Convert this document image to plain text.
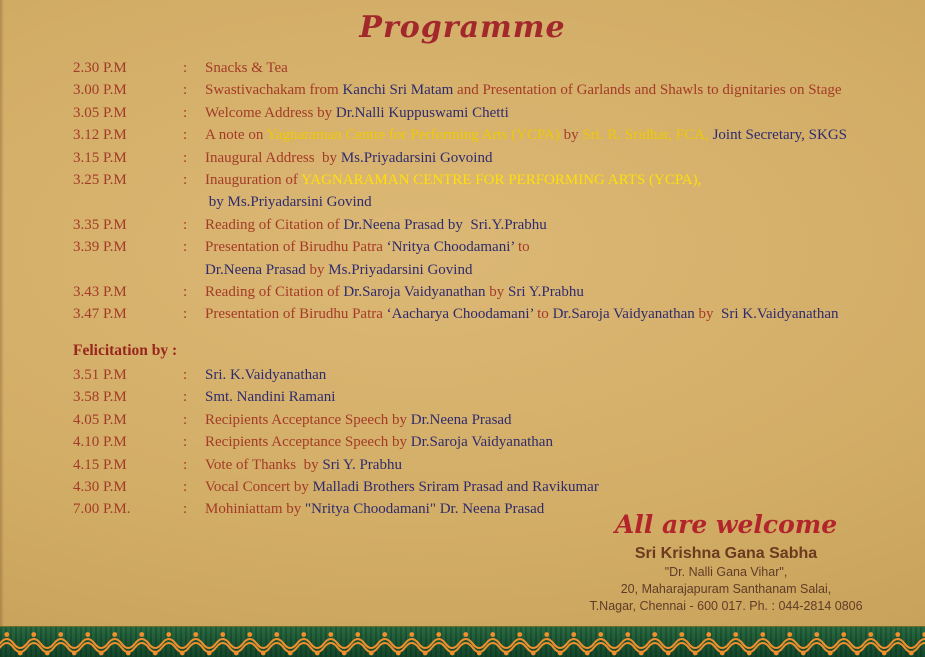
Programme
2.30 P.M	:	Snacks & Tea
3.00 P.M	:	Swastivachakam from Kanchi Sri Matam and Presentation of Garlands and Shawls to dignitaries on Stage
3.05 P.M	:	Welcome Address by Dr.Nalli Kuppuswami Chetti
3.12 P.M	:	A note on Yagnaraman Centre for Performing Arts (YCPA) by Sri. R. Sridhar, FCA, Joint Secretary, SKGS
3.15 P.M	:	Inaugural Address  by Ms.Priyadarsini Govoind
3.25 P.M	:	Inauguration of YAGNARAMAN CENTRE FOR PERFORMING ARTS (YCPA),
by Ms.Priyadarsini Govind
3.35 P.M	:	Reading of Citation of Dr.Neena Prasad by  Sri.Y.Prabhu
3.39 P.M	:	Presentation of Birudhu Patra ‘Nritya Choodamani’ to
Dr.Neena Prasad by Ms.Priyadarsini Govind
3.43 P.M	:	Reading of Citation of Dr.Saroja Vaidyanathan by Sri Y.Prabhu
3.47 P.M	:	Presentation of Birudhu Patra ‘Aacharya Choodamani’ to Dr.Saroja Vaidyanathan by  Sri K.Vaidyanathan
Felicitation by :
3.51 P.M	:	Sri. K.Vaidyanathan
3.58 P.M	:	Smt. Nandini Ramani
4.05 P.M	:	Recipients Acceptance Speech by Dr.Neena Prasad
4.10 P.M	:	Recipients Acceptance Speech by Dr.Saroja Vaidyanathan
4.15 P.M	:	Vote of Thanks  by Sri Y. Prabhu
4.30 P.M	:	Vocal Concert by Malladi Brothers Sriram Prasad and Ravikumar
7.00 P.M.	:	Mohiniattam by "Nritya Choodamani" Dr. Neena Prasad
All are welcome
Sri Krishna Gana Sabha
"Dr. Nalli Gana Vihar",
20, Maharajapuram Santhanam Salai,
T.Nagar, Chennai - 600 017. Ph. : 044-2814 0806
